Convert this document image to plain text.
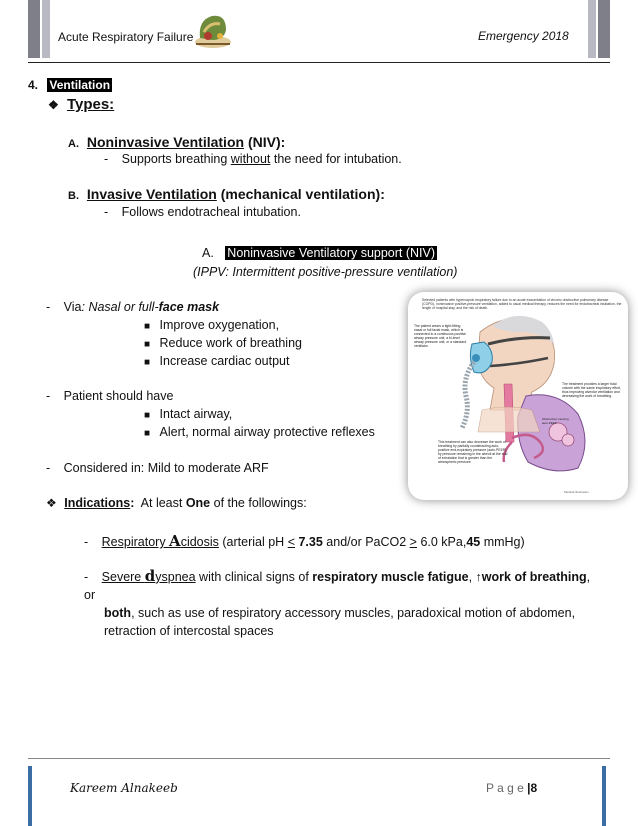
Acute Respiratory Failure	Emergency 2018
4. Ventilation
❖ Types:
A. Noninvasive Ventilation (NIV):
- Supports breathing without the need for intubation.
B. Invasive Ventilation (mechanical ventilation):
- Follows endotracheal intubation.
A. Noninvasive Ventilatory support (NIV)
(IPPV: Intermittent positive-pressure ventilation)
- Via: Nasal or full-face mask
■ Improve oxygenation,
■ Reduce work of breathing
■ Increase cardiac output
- Patient should have
■ Intact airway,
■ Alert, normal airway protective reflexes
- Considered in: Mild to moderate ARF
❖ Indications:  At least One of the followings:
- Respiratory Acidosis (arterial pH < 7.35 and/or PaCO2 > 6.0 kPa,45 mmHg)
- Severe dyspnea with clinical signs of respiratory muscle fatigue, ↑work of breathing, or
both, such as use of respiratory accessory muscles, paradoxical motion of abdomen,
retraction of intercostal spaces
Selected patients with hypercapnic respiratory failure due to an acute exacerbation of chronic obstructive pulmonary disease (COPD), noninvasive positive-pressure ventilation, added to usual medical therapy, reduces the need for endotracheal intubation, the length of hospital stay, and the risk of death.
The patient wears a tight-fitting nasal or full facial mask, which is connected to a continuous positive airway pressure unit, a bi-level airway pressure unit, or a standard ventilator.
The treatment provides a larger tidal volume with the same inspiratory effort, thus improving alveolar ventilation and decreasing the work of breathing.
This treatment can also decrease the work of breathing by partially counteracting auto-positive end-expiratory pressure (auto-PEEP), by pressure remaining in the alveoli at the end of exhalation that is greater than the atmospheric pressure.
Obstruction causing auto-PEEP
Medical Illustration
Kareem Alnakeeb	P a g e |8
